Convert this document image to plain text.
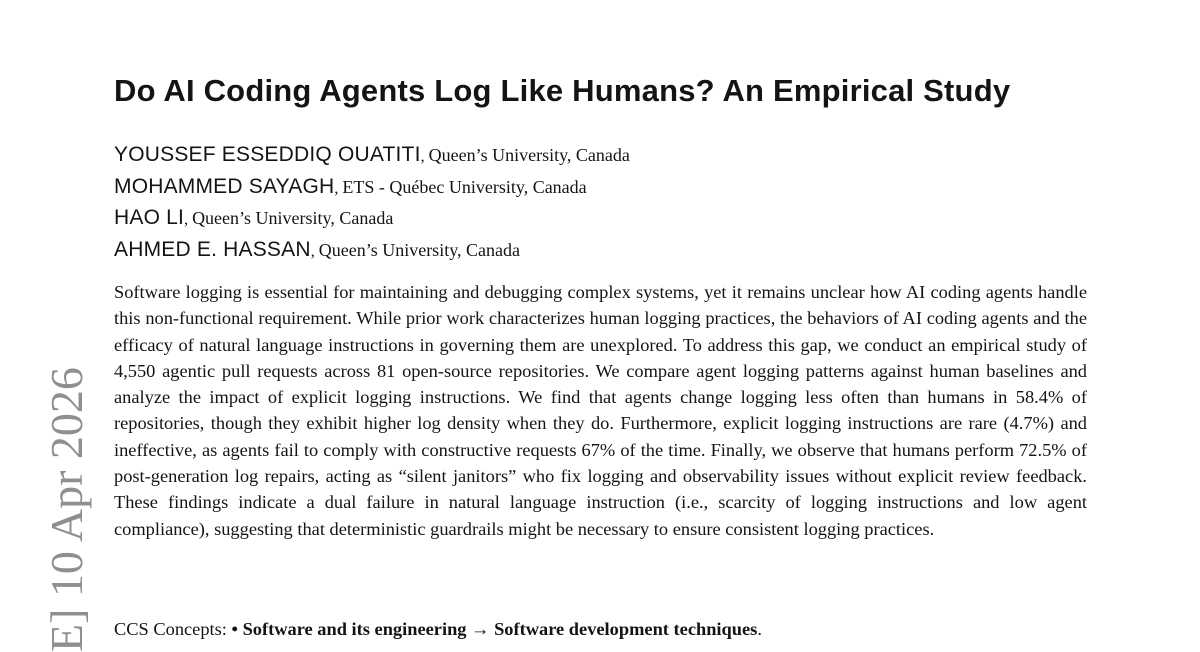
E] 10 Apr 2026
Do AI Coding Agents Log Like Humans? An Empirical Study
YOUSSEF ESSEDDIQ OUATITI, Queen’s University, Canada
MOHAMMED SAYAGH, ETS - Québec University, Canada
HAO LI, Queen’s University, Canada
AHMED E. HASSAN, Queen’s University, Canada

Software logging is essential for maintaining and debugging complex systems, yet it remains unclear how AI coding agents handle this non-functional requirement. While prior work characterizes human logging practices, the behaviors of AI coding agents and the efficacy of natural language instructions in governing them are unexplored. To address this gap, we conduct an empirical study of 4,550 agentic pull requests across 81 open-source repositories. We compare agent logging patterns against human baselines and analyze the impact of explicit logging instructions. We find that agents change logging less often than humans in 58.4% of repositories, though they exhibit higher log density when they do. Furthermore, explicit logging instructions are rare (4.7%) and ineffective, as agents fail to comply with constructive requests 67% of the time. Finally, we observe that humans perform 72.5% of post-generation log repairs, acting as “silent janitors” who fix logging and observability issues without explicit review feedback. These findings indicate a dual failure in natural language instruction (i.e., scarcity of logging instructions and low agent compliance), suggesting that deterministic guardrails might be necessary to ensure consistent logging practices.

CCS Concepts: • Software and its engineering → Software development techniques.
